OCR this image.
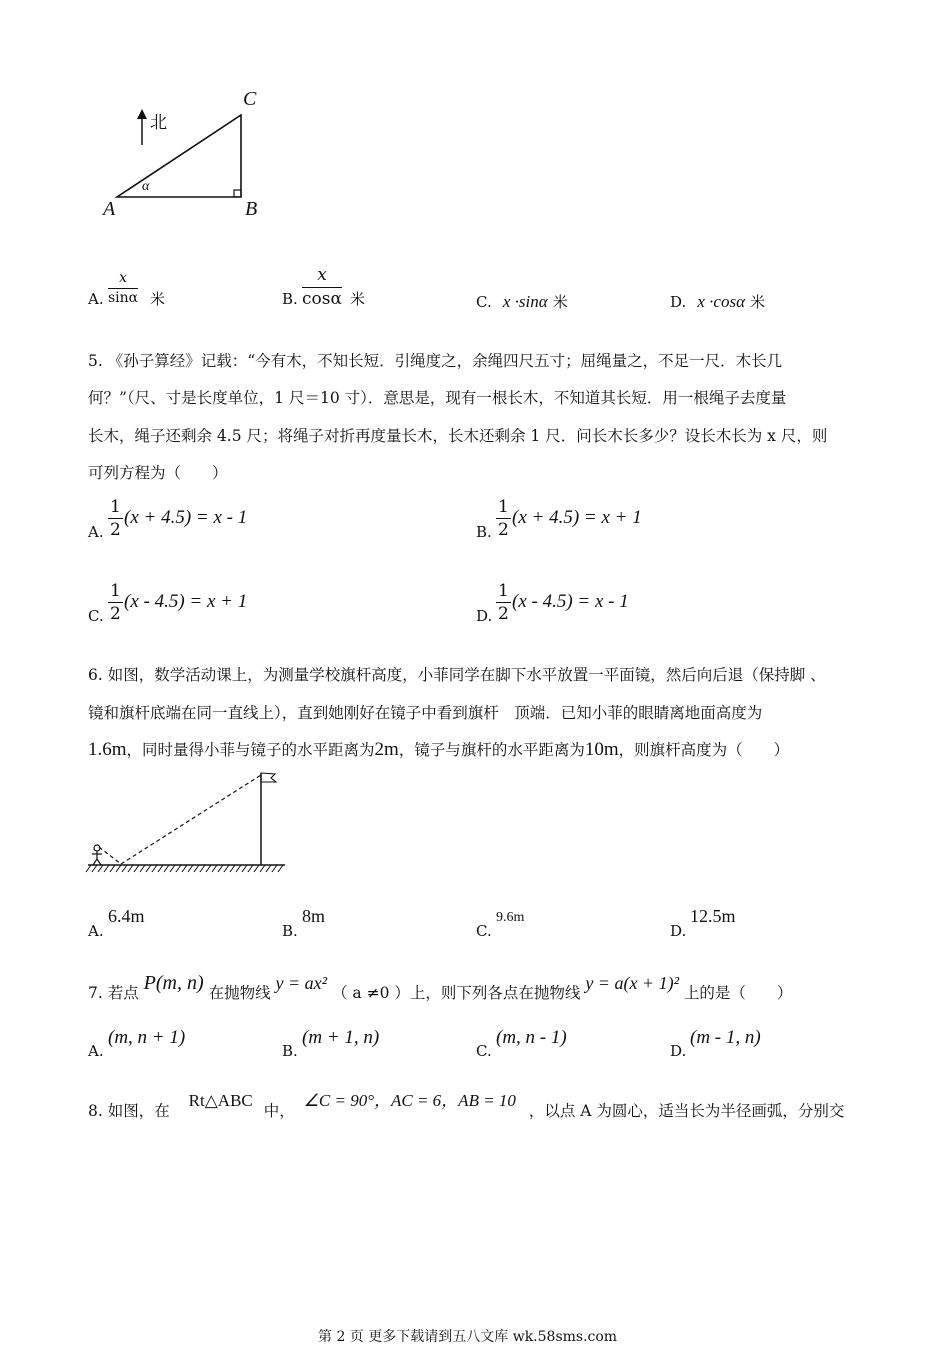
北
C
A	B
α
A. $\frac{x}{\sin\alpha}$ 米	B. $\frac{x}{\cos\alpha}$ 米	C. x ·sinα 米	D. x ·cosα 米
5. 《孙子算经》记载：“今有木，不知长短．引绳度之，余绳四尺五寸；屈绳量之，不足一尺．木长几
何？”（尺、寸是长度单位，1 尺＝10 寸）．意思是，现有一根长木，不知道其长短．用一根绳子去度量
长木，绳子还剩余 4.5 尺；将绳子对折再度量长木，长木还剩余 1 尺．问长木长多少？设长木长为 x 尺，则
可列方程为（　　）
A. $\frac{1}{2} (x + 4.5) = x - 1$
B. $\frac{1}{2} (x + 4.5) = x + 1$
C. $\frac{1}{2} (x - 4.5) = x + 1$
D. $\frac{1}{2} (x - 4.5) = x - 1$
6. 如图，数学活动课上，为测量学校旗杆高度，小菲同学在脚下水平放置一平面镜，然后向后退（保持脚 、
镜和旗杆底端在同一直线上），直到她刚好在镜子中看到旗杆　顶端．已知小菲的眼睛离地面高度为
1.6m，同时量得小菲与镜子的水平距离为2m，镜子与旗杆的水平距离为10m，则旗杆高度为（　　）
A.
6.4m
B.
8m
C.
9.6m
D.
12.5m
7. 若点 P(m, n) 在抛物线 y = ax² （ a ≠0 ）上，则下列各点在抛物线 y = a(x + 1)² 上的是（　　）
A.
(m, n + 1)
B.
(m + 1, n)
C.
(m, n - 1)
D.
(m - 1, n)
8. 如图，在 Rt△ABC 中， ∠C = 90°，AC = 6，AB = 10 ，以点 A 为圆心，适当长为半径画弧，分别交
第 2 页 更多下载请到五八文库 wk.58sms.com
